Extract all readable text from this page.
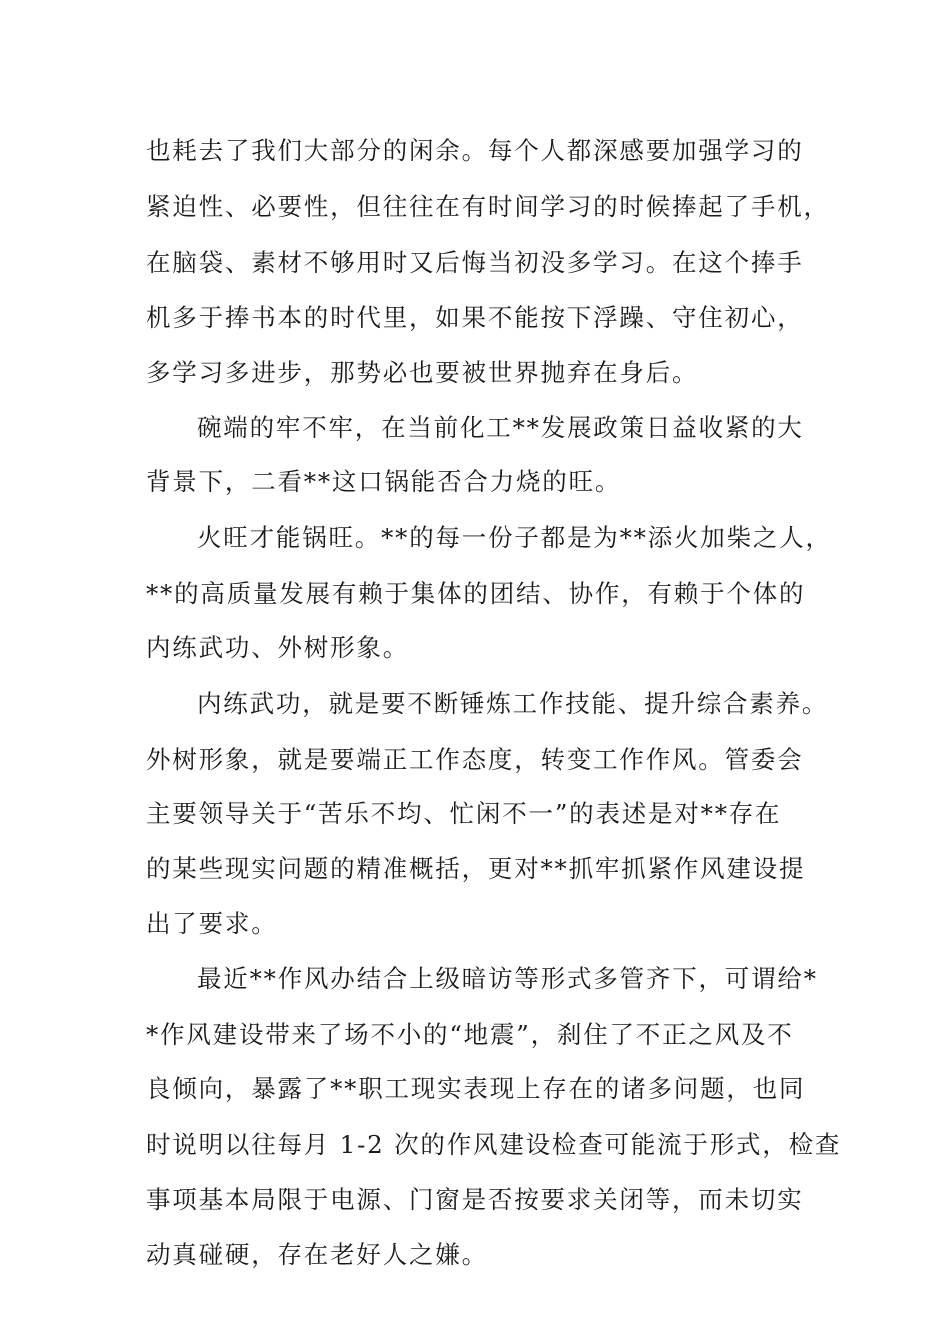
也耗去了我们大部分的闲余。每个人都深感要加强学习的
紧迫性、必要性，但往往在有时间学习的时候捧起了手机，
在脑袋、素材不够用时又后悔当初没多学习。在这个捧手
机多于捧书本的时代里，如果不能按下浮躁、守住初心，
多学习多进步，那势必也要被世界抛弃在身后。
碗端的牢不牢，在当前化工**发展政策日益收紧的大
背景下，二看**这口锅能否合力烧的旺。
火旺才能锅旺。**的每一份子都是为**添火加柴之人，
**的高质量发展有赖于集体的团结、协作，有赖于个体的
内练武功、外树形象。
内练武功，就是要不断锤炼工作技能、提升综合素养。
外树形象，就是要端正工作态度，转变工作作风。管委会
主要领导关于“苦乐不均、忙闲不一”的表述是对**存在
的某些现实问题的精准概括，更对**抓牢抓紧作风建设提
出了要求。
最近**作风办结合上级暗访等形式多管齐下，可谓给*
*作风建设带来了场不小的“地震”，刹住了不正之风及不
良倾向，暴露了**职工现实表现上存在的诸多问题，也同
时说明以往每月 1-2 次的作风建设检查可能流于形式，检查
事项基本局限于电源、门窗是否按要求关闭等，而未切实
动真碰硬，存在老好人之嫌。
